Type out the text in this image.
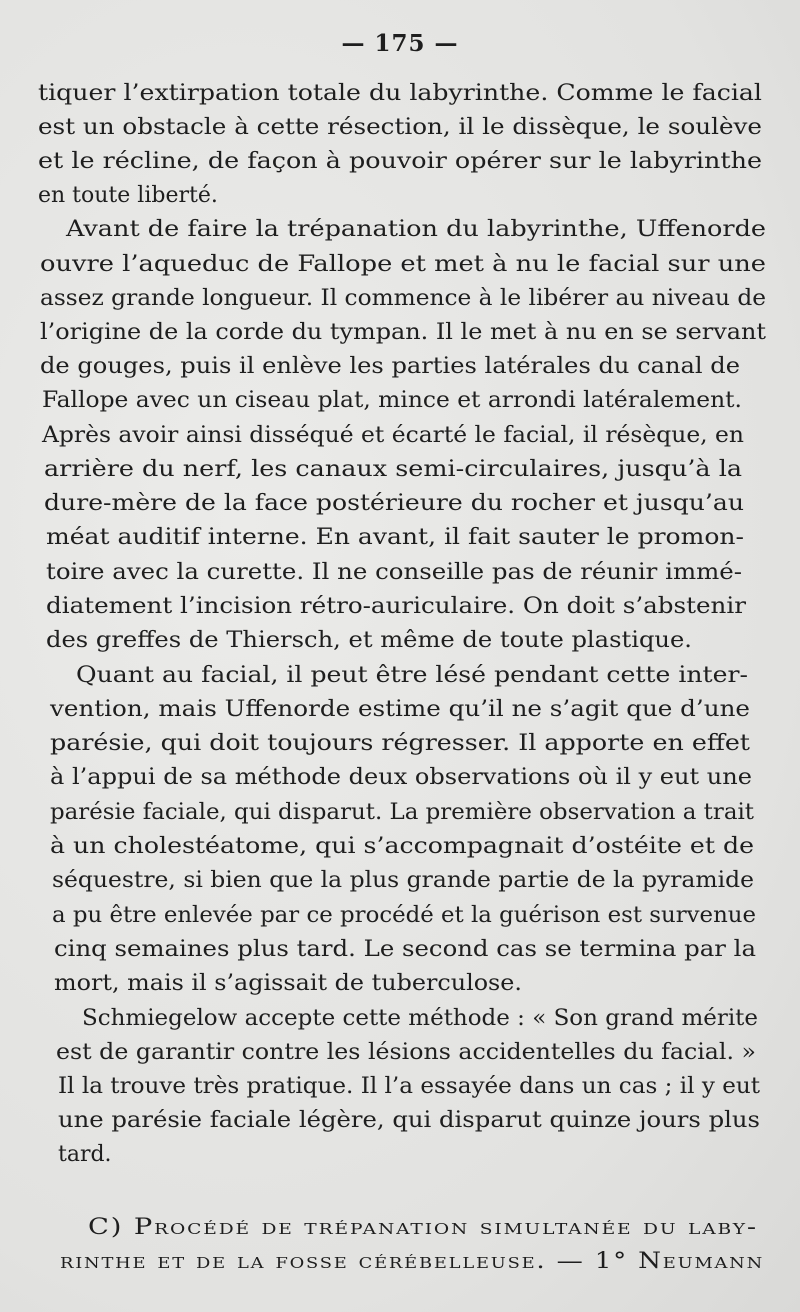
— 175 —
tiquer l’extirpation totale du labyrinthe. Comme le facial
est un obstacle à cette résection, il le dissèque, le soulève
et le récline, de façon à pouvoir opérer sur le labyrinthe
en toute liberté.
Avant de faire la trépanation du labyrinthe, Uffenorde
ouvre l’aqueduc de Fallope et met à nu le facial sur une
assez grande longueur. Il commence à le libérer au niveau de
l’origine de la corde du tympan. Il le met à nu en se servant
de gouges, puis il enlève les parties latérales du canal de
Fallope avec un ciseau plat, mince et arrondi latéralement.
Après avoir ainsi disséqué et écarté le facial, il résèque, en
arrière du nerf, les canaux semi-circulaires, jusqu’à la
dure-mère de la face postérieure du rocher et jusqu’au
méat auditif interne. En avant, il fait sauter le promon-
toire avec la curette. Il ne conseille pas de réunir immé-
diatement l’incision rétro-auriculaire. On doit s’abstenir
des greffes de Thiersch, et même de toute plastique.
Quant au facial, il peut être lésé pendant cette inter-
vention, mais Uffenorde estime qu’il ne s’agit que d’une
parésie, qui doit toujours régresser. Il apporte en effet
à l’appui de sa méthode deux observations où il y eut une
parésie faciale, qui disparut. La première observation a trait
à un cholestéatome, qui s’accompagnait d’ostéite et de
séquestre, si bien que la plus grande partie de la pyramide
a pu être enlevée par ce procédé et la guérison est survenue
cinq semaines plus tard. Le second cas se termina par la
mort, mais il s’agissait de tuberculose.
Schmiegelow accepte cette méthode : « Son grand mérite
est de garantir contre les lésions accidentelles du facial. »
Il la trouve très pratique. Il l’a essayée dans un cas ; il y eut
une parésie faciale légère, qui disparut quinze jours plus
tard.
C) Procédé de trépanation simultanée du laby-
rinthe et de la fosse cérébelleuse. — 1° Neumann
